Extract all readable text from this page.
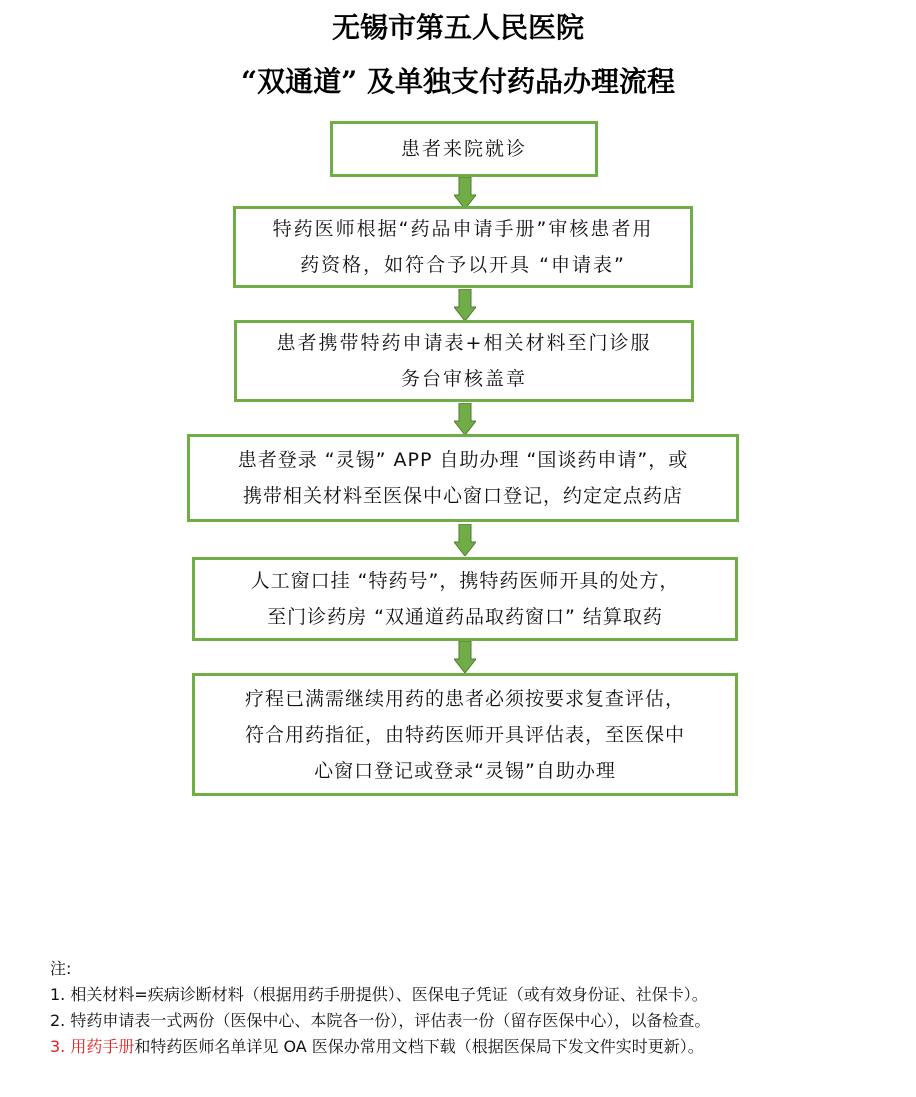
无锡市第五人民医院
“双通道” 及单独支付药品办理流程
患者来院就诊
特药医师根据“药品申请手册”审核患者用
药资格，如符合予以开具 “申请表”
患者携带特药申请表+相关材料至门诊服
务台审核盖章
患者登录 “灵锡” APP 自助办理 “国谈药申请”，或
携带相关材料至医保中心窗口登记，约定定点药店
人工窗口挂 “特药号”，携特药医师开具的处方，
至门诊药房 “双通道药品取药窗口” 结算取药
疗程已满需继续用药的患者必须按要求复查评估，
符合用药指征，由特药医师开具评估表，至医保中
心窗口登记或登录“灵锡”自助办理
注:
1. 相关材料=疾病诊断材料（根据用药手册提供）、医保电子凭证（或有效身份证、社保卡）。
2. 特药申请表一式两份（医保中心、本院各一份），评估表一份（留存医保中心），以备检查。
3. 用药手册和特药医师名单详见 OA 医保办常用文档下载（根据医保局下发文件实时更新）。
